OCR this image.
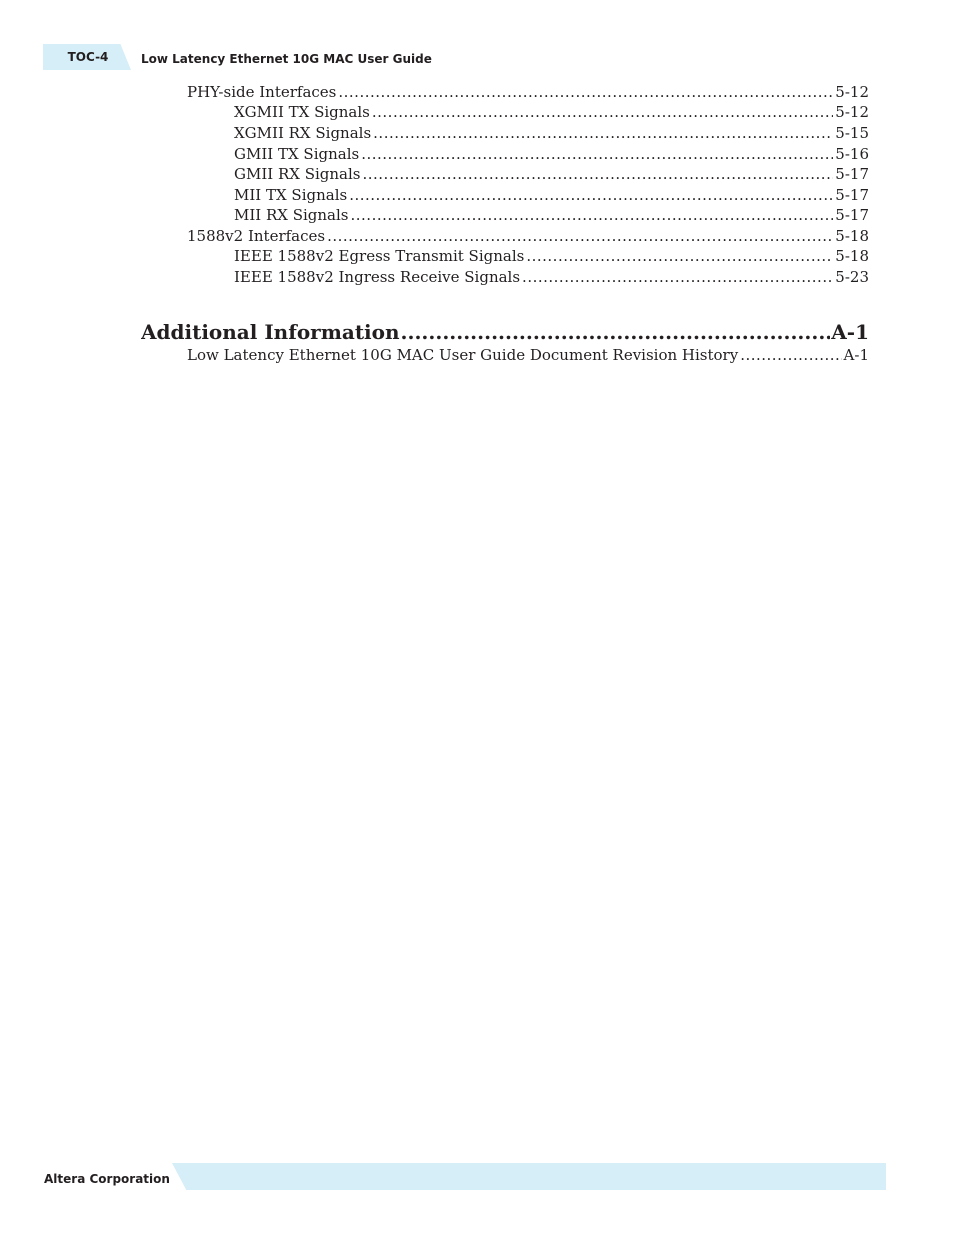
TOC-4	Low Latency Ethernet 10G MAC User Guide
PHY-side Interfaces .....	5-12
XGMII TX Signals .....	5-12
XGMII RX Signals .....	5-15
GMII TX Signals .....	5-16
GMII RX Signals .....	5-17
MII TX Signals .....	5-17
MII RX Signals .....	5-17
1588v2 Interfaces .....	5-18
IEEE 1588v2 Egress Transmit Signals .....	5-18
IEEE 1588v2 Ingress Receive Signals .....	5-23
Additional Information .....	A-1
Low Latency Ethernet 10G MAC User Guide Document Revision History .....	A-1
Altera Corporation
